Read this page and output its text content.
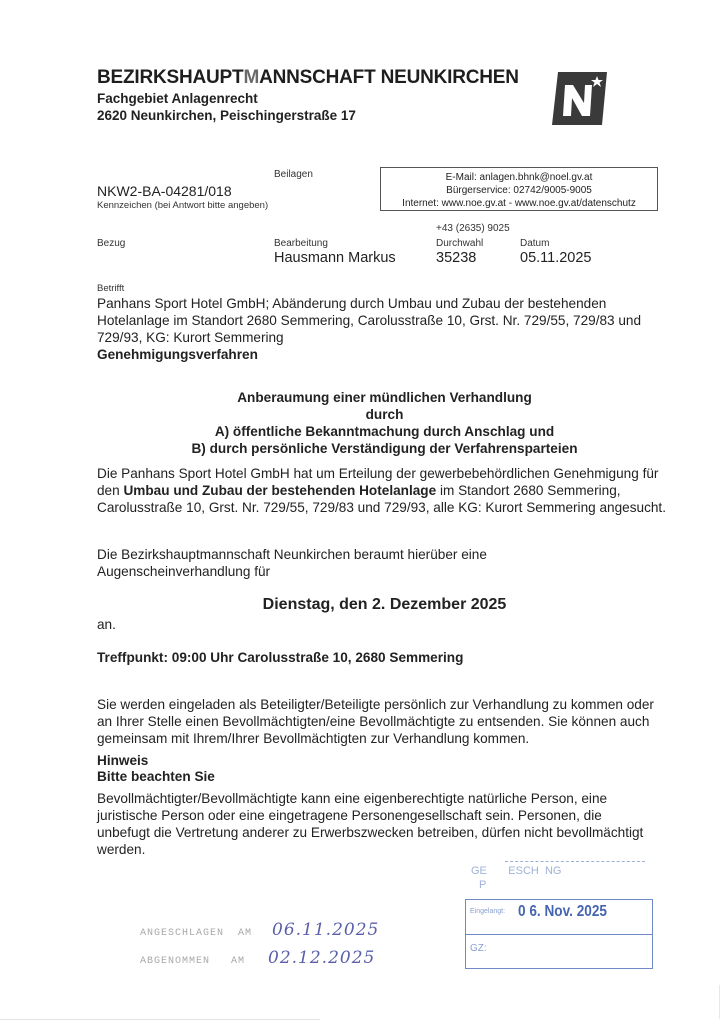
BEZIRKSHAUPTMANNSCHAFT NEUNKIRCHEN
Fachgebiet Anlagenrecht
2620 Neunkirchen, Peischingerstraße 17
Beilagen
NKW2-BA-04281/018
Kennzeichen (bei Antwort bitte angeben)
E-Mail: anlagen.bhnk@noel.gv.at
Bürgerservice: 02742/9005-9005
Internet: www.noe.gv.at - www.noe.gv.at/datenschutz
Bezug	Bearbeitung
Hausmann Markus
+43 (2635) 9025
Durchwahl
35238
Datum
05.11.2025
Betrifft
Panhans Sport Hotel GmbH; Abänderung durch Umbau und Zubau der bestehenden
Hotelanlage im Standort 2680 Semmering, Carolusstraße 10, Grst. Nr. 729/55, 729/83 und
729/93, KG: Kurort Semmering
Genehmigungsverfahren
Anberaumung einer mündlichen Verhandlung
durch
A) öffentliche Bekanntmachung durch Anschlag und
B) durch persönliche Verständigung der Verfahrensparteien
Die Panhans Sport Hotel GmbH hat um Erteilung der gewerbebehördlichen Genehmigung für den Umbau und Zubau der bestehenden Hotelanlage im Standort 2680 Semmering, Carolusstraße 10, Grst. Nr. 729/55, 729/83 und 729/93, alle KG: Kurort Semmering angesucht.
Die Bezirkshauptmannschaft Neunkirchen beraumt hierüber eine Augenscheinverhandlung für
Dienstag, den 2. Dezember 2025
an.
Treffpunkt: 09:00 Uhr Carolusstraße 10, 2680 Semmering
Sie werden eingeladen als Beteiligter/Beteiligte persönlich zur Verhandlung zu kommen oder an Ihrer Stelle einen Bevollmächtigten/eine Bevollmächtigte zu entsenden. Sie können auch gemeinsam mit Ihrem/Ihrer Bevollmächtigten zur Verhandlung kommen.
Hinweis
Bitte beachten Sie
Bevollmächtigter/Bevollmächtigte kann eine eigenberechtigte natürliche Person, eine juristische Person oder eine eingetragene Personengesellschaft sein. Personen, die unbefugt die Vertretung anderer zu Erwerbszwecken betreiben, dürfen nicht bevollmächtigt werden.
GE       ESCH  NG
P
Eingelangt: 0 6. Nov. 2025
GZ:
ANGESCHLAGEN  AM 06.11.2025
ABGENOMMEN   AM 02.12.2025
